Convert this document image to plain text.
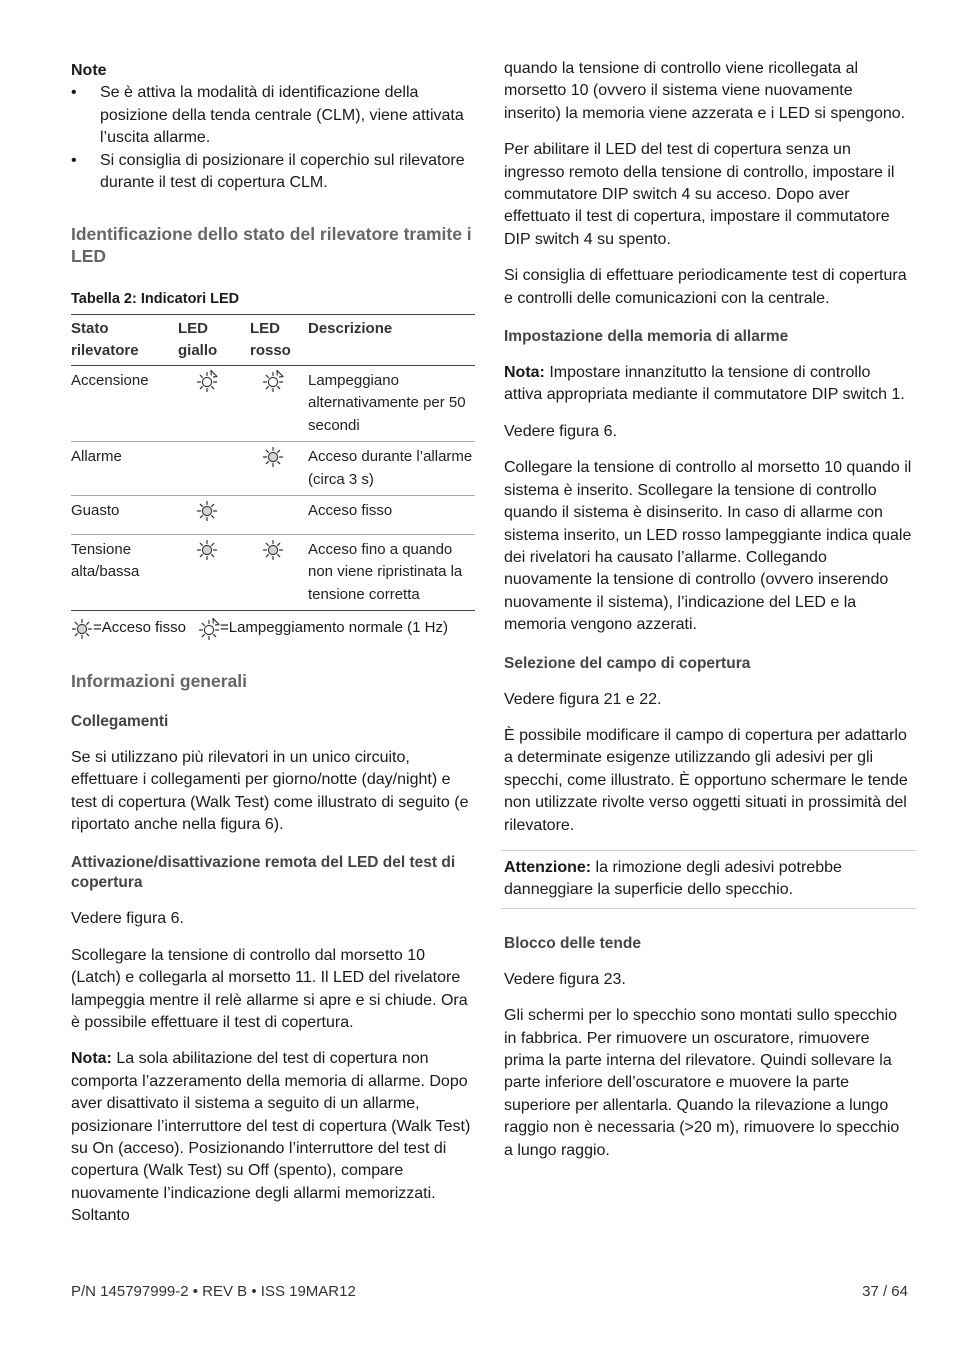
Note

• Se è attiva la modalità di identificazione della posizione della tenda centrale (CLM), viene attivata l’uscita allarme.
• Si consiglia di posizionare il coperchio sul rilevatore durante il test di copertura CLM.
Identificazione dello stato del rilevatore tramite i LED
Tabella 2: Indicatori LED
Stato rilevatore	LED giallo	LED rosso	Descrizione
Accensione			Lampeggiano alternativamente per 50 secondi
Allarme			Acceso durante l’allarme (circa 3 s)
Guasto			Acceso fisso
Tensione alta/bassa			Acceso fino a quando non viene ripristinata la tensione corretta
=Acceso fisso =Lampeggiamento normale (1 Hz)
Informazioni generali
Collegamenti

Se si utilizzano più rilevatori in un unico circuito, effettuare i collegamenti per giorno/notte (day/night) e test di copertura (Walk Test) come illustrato di seguito (e riportato anche nella figura 6).

Attivazione/disattivazione remota del LED del test di copertura

Vedere figura 6.

Scollegare la tensione di controllo dal morsetto 10 (Latch) e collegarla al morsetto 11. Il LED del rivelatore lampeggia mentre il relè allarme si apre e si chiude. Ora è possibile effettuare il test di copertura.

Nota: La sola abilitazione del test di copertura non comporta l’azzeramento della memoria di allarme. Dopo aver disattivato il sistema a seguito di un allarme, posizionare l’interruttore del test di copertura (Walk Test) su On (acceso). Posizionando l’interruttore del test di copertura (Walk Test) su Off (spento), compare nuovamente l’indicazione degli allarmi memorizzati. Soltanto

quando la tensione di controllo viene ricollegata al morsetto 10 (ovvero il sistema viene nuovamente inserito) la memoria viene azzerata e i LED si spengono.

Per abilitare il LED del test di copertura senza un ingresso remoto della tensione di controllo, impostare il commutatore DIP switch 4 su acceso. Dopo aver effettuato il test di copertura, impostare il commutatore DIP switch 4 su spento.

Si consiglia di effettuare periodicamente test di copertura e controlli delle comunicazioni con la centrale.

Impostazione della memoria di allarme

Nota: Impostare innanzitutto la tensione di controllo attiva appropriata mediante il commutatore DIP switch 1.

Vedere figura 6.

Collegare la tensione di controllo al morsetto 10 quando il sistema è inserito. Scollegare la tensione di controllo quando il sistema è disinserito. In caso di allarme con sistema inserito, un LED rosso lampeggiante indica quale dei rivelatori ha causato l’allarme. Collegando nuovamente la tensione di controllo (ovvero inserendo nuovamente il sistema), l’indicazione del LED e la memoria vengono azzerati.

Selezione del campo di copertura

Vedere figura 21 e 22.

È possibile modificare il campo di copertura per adattarlo a determinate esigenze utilizzando gli adesivi per gli specchi, come illustrato. È opportuno schermare le tende non utilizzate rivolte verso oggetti situati in prossimità del rilevatore.

Attenzione: la rimozione degli adesivi potrebbe danneggiare la superficie dello specchio.

Blocco delle tende

Vedere figura 23.

Gli schermi per lo specchio sono montati sullo specchio in fabbrica. Per rimuovere un oscuratore, rimuovere prima la parte interna del rilevatore. Quindi sollevare la parte inferiore dell’oscuratore e muovere la parte superiore per allentarla. Quando la rilevazione a lungo raggio non è necessaria (>20 m), rimuovere lo specchio a lungo raggio.

P/N 145797999-2 • REV B • ISS 19MAR12	37 / 64
